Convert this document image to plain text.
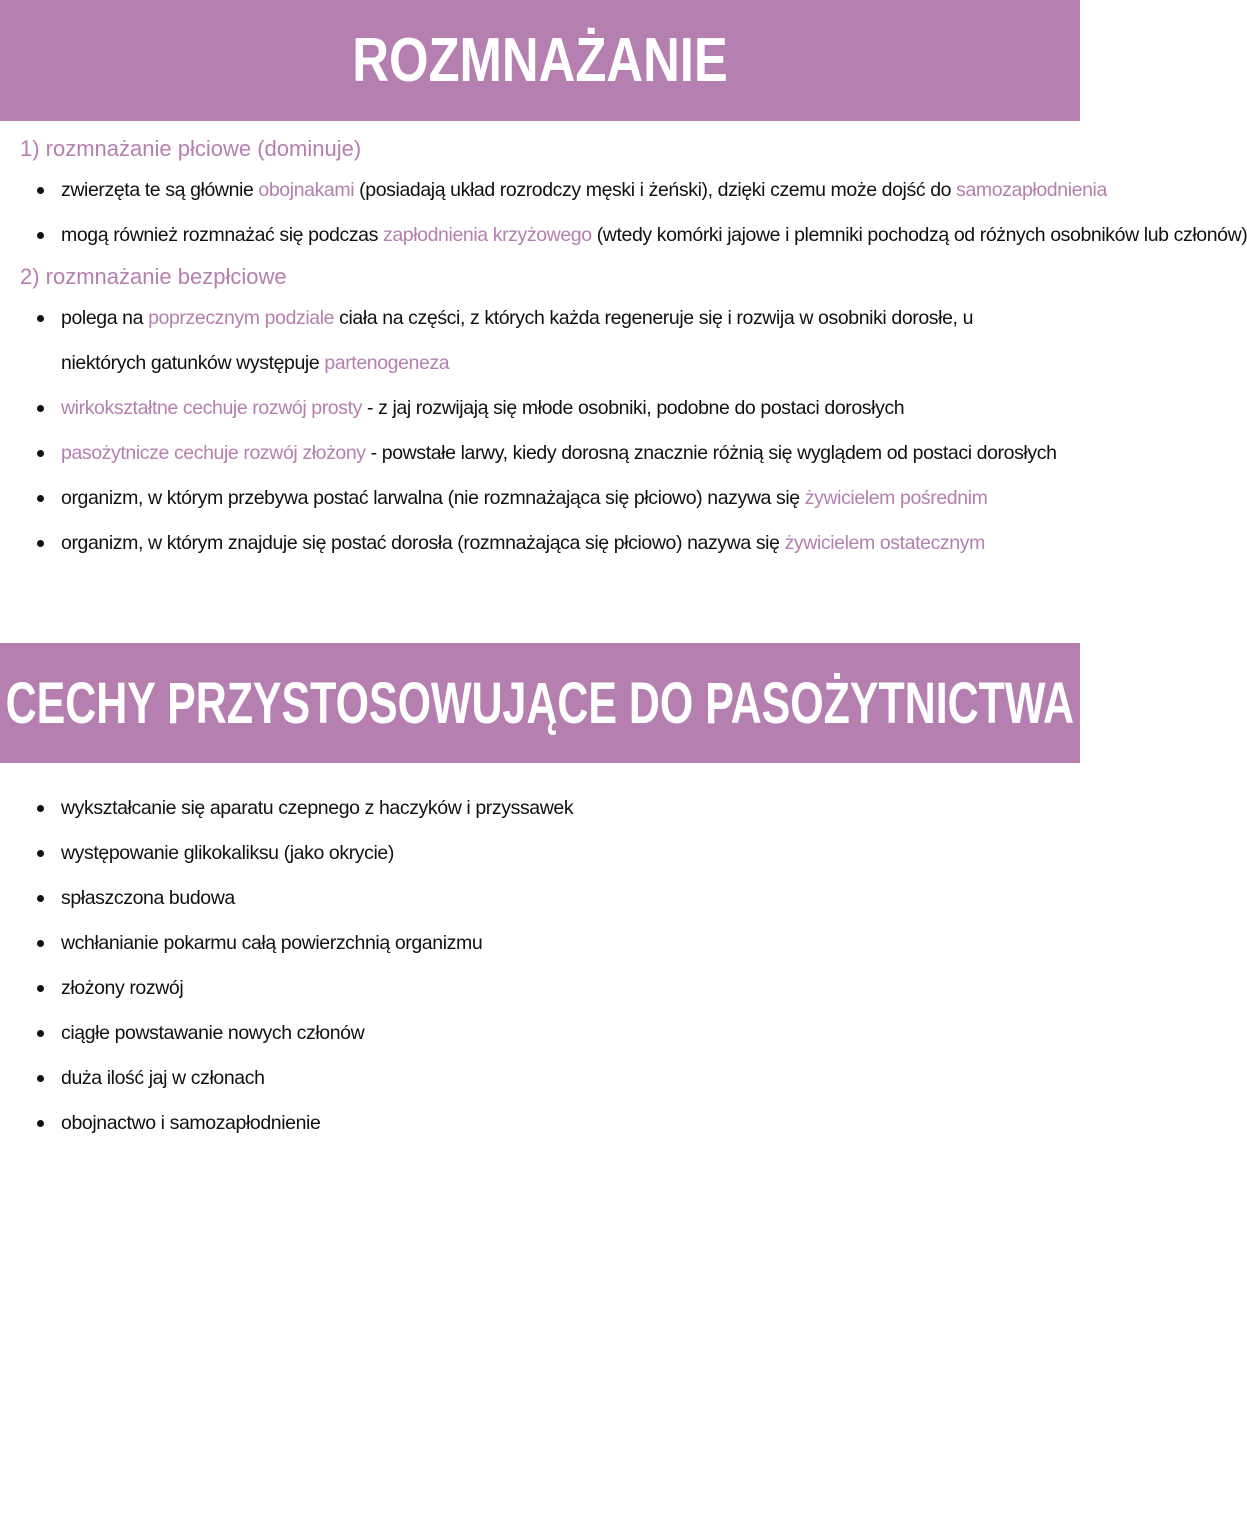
ROZMNAŻANIE
1) rozmnażanie płciowe (dominuje)
zwierzęta te są głównie obojnakami (posiadają układ rozrodczy męski i żeński), dzięki czemu może dojść do samozapłodnienia
mogą również rozmnażać się podczas zapłodnienia krzyżowego (wtedy komórki jajowe i plemniki pochodzą od różnych osobników lub członów)
2) rozmnażanie bezpłciowe
polega na poprzecznym podziale ciała na części, z których każda regeneruje się i rozwija w osobniki dorosłe, u niektórych gatunków występuje partenogeneza
wirkokształtne cechuje rozwój prosty - z jaj rozwijają się młode osobniki, podobne do postaci dorosłych
pasożytnicze cechuje rozwój złożony - powstałe larwy, kiedy dorosną znacznie różnią się wyglądem od postaci dorosłych
organizm, w którym przebywa postać larwalna (nie rozmnażająca się płciowo) nazywa się żywicielem pośrednim
organizm, w którym znajduje się postać dorosła (rozmnażająca się płciowo) nazywa się żywicielem ostatecznym
CECHY PRZYSTOSOWUJĄCE DO PASOŻYTNICTWA
wykształcanie się aparatu czepnego z haczyków i przyssawek
występowanie glikokaliksu (jako okrycie)
spłaszczona budowa
wchłanianie pokarmu całą powierzchnią organizmu
złożony rozwój
ciągłe powstawanie nowych członów
duża ilość jaj w członach
obojnactwo i samozapłodnienie
